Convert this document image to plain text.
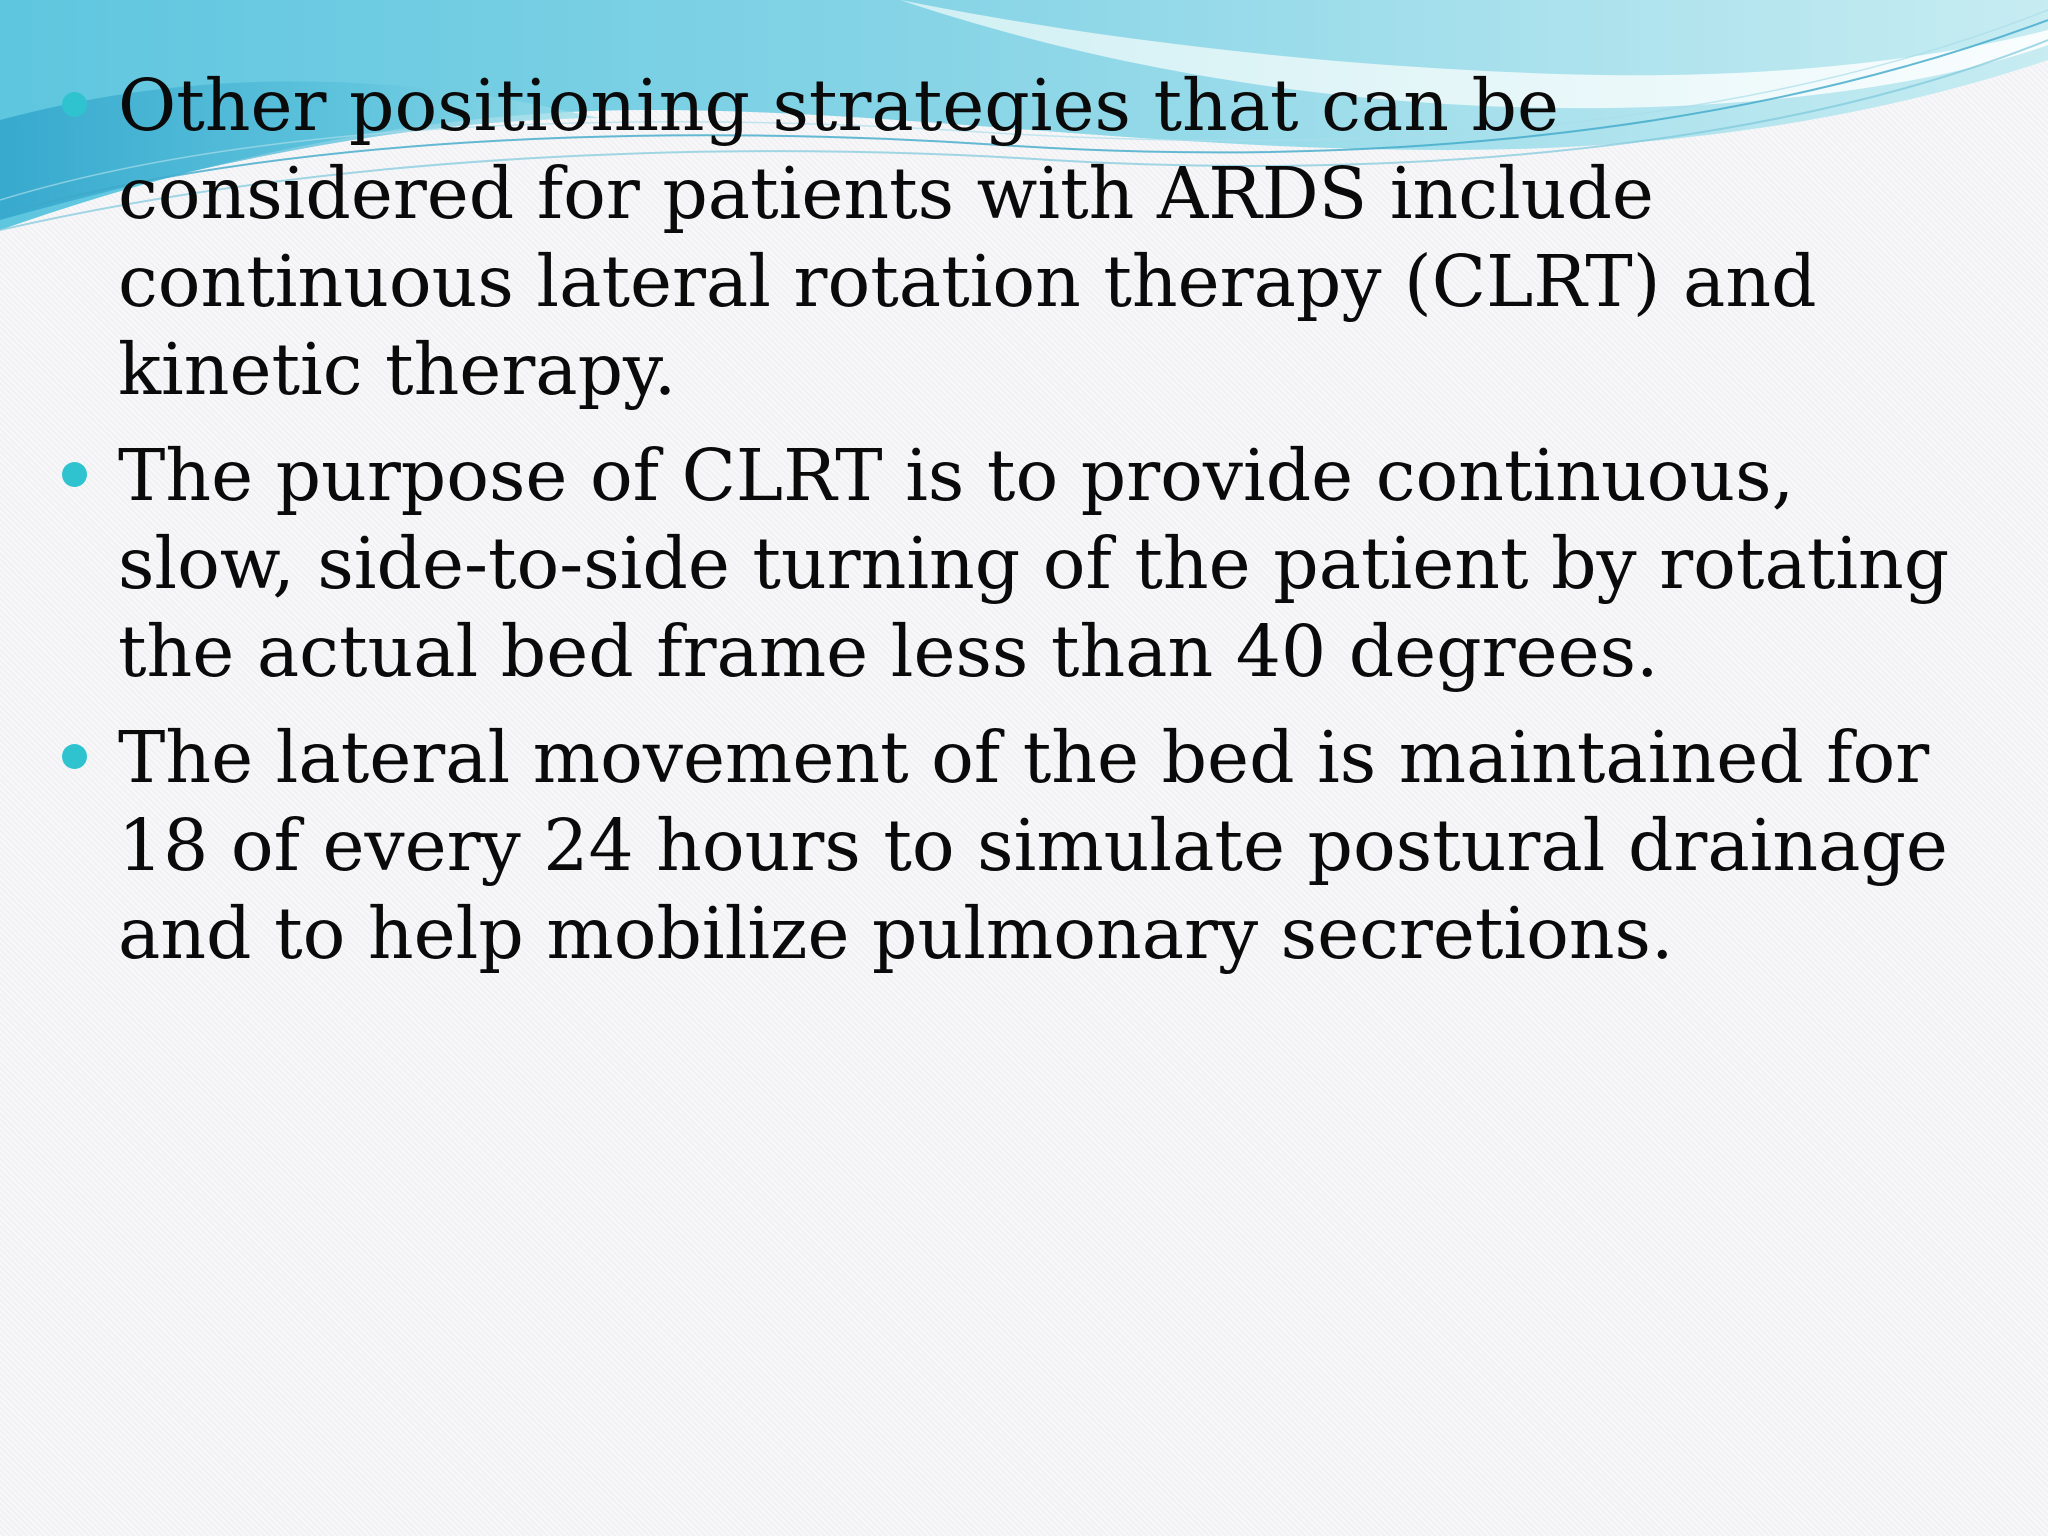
Other positioning strategies that can be considered for patients with ARDS include continuous lateral rotation therapy (CLRT) and kinetic therapy.
The purpose of CLRT is to provide continuous, slow, side-to-side turning of the patient by rotating the actual bed frame less than 40 degrees.
The lateral movement of the bed is maintained for 18 of every 24 hours to simulate postural drainage and to help mobilize pulmonary secretions.
